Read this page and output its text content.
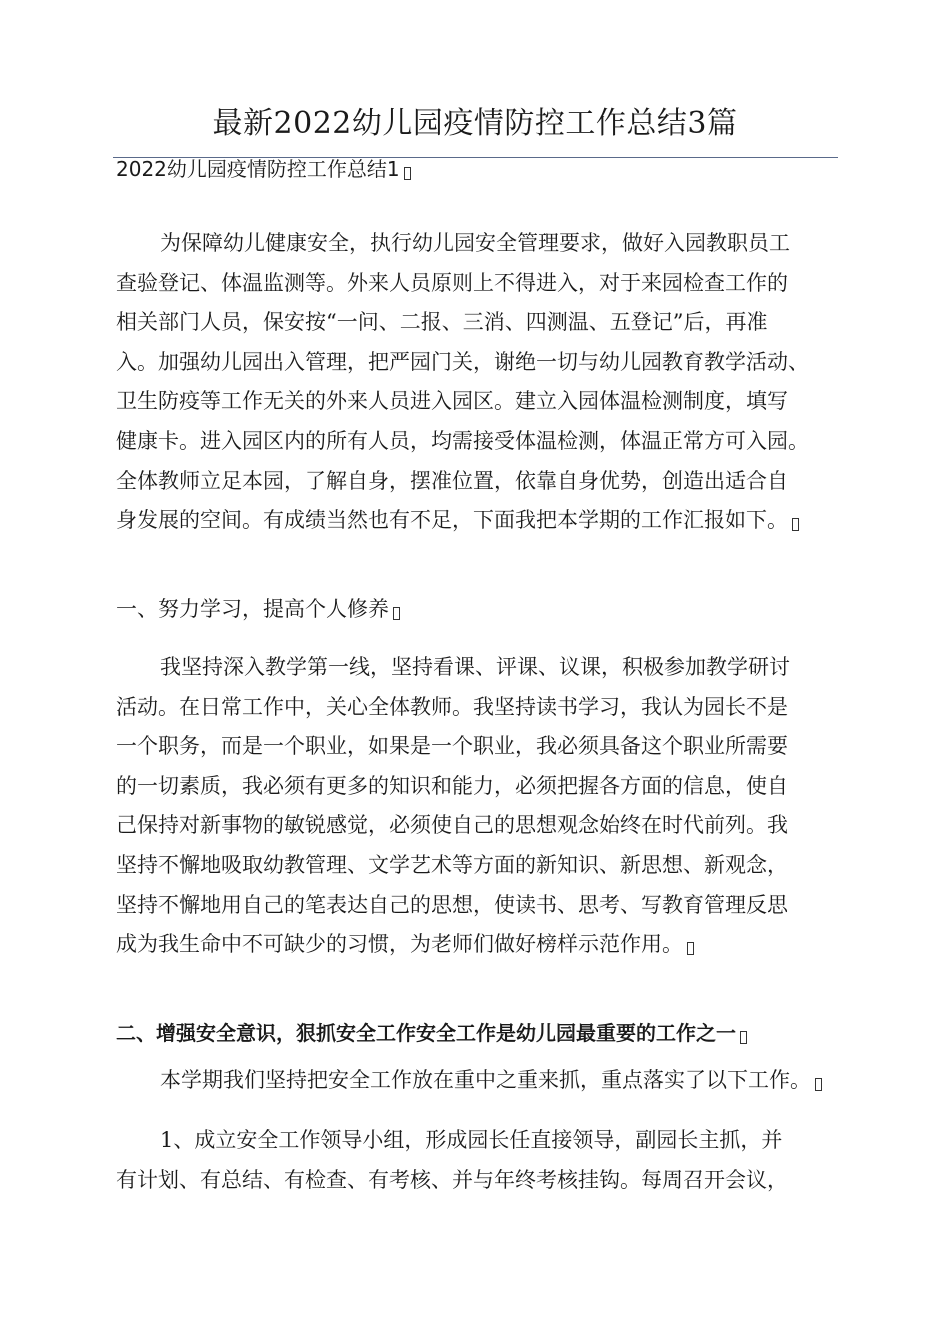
最新2022幼儿园疫情防控工作总结3篇
2022幼儿园疫情防控工作总结1
为保障幼儿健康安全，执行幼儿园安全管理要求，做好入园教职员工
查验登记、体温监测等。外来人员原则上不得进入，对于来园检查工作的
相关部门人员，保安按“一问、二报、三消、四测温、五登记”后，再准
入。加强幼儿园出入管理，把严园门关，谢绝一切与幼儿园教育教学活动、
卫生防疫等工作无关的外来人员进入园区。建立入园体温检测制度，填写
健康卡。进入园区内的所有人员，均需接受体温检测，体温正常方可入园。
全体教师立足本园，了解自身，摆准位置，依靠自身优势，创造出适合自
身发展的空间。有成绩当然也有不足，下面我把本学期的工作汇报如下。
一、努力学习，提高个人修养
我坚持深入教学第一线，坚持看课、评课、议课，积极参加教学研讨
活动。在日常工作中，关心全体教师。我坚持读书学习，我认为园长不是
一个职务，而是一个职业，如果是一个职业，我必须具备这个职业所需要
的一切素质，我必须有更多的知识和能力，必须把握各方面的信息，使自
己保持对新事物的敏锐感觉，必须使自己的思想观念始终在时代前列。我
坚持不懈地吸取幼教管理、文学艺术等方面的新知识、新思想、新观念，
坚持不懈地用自己的笔表达自己的思想，使读书、思考、写教育管理反思
成为我生命中不可缺少的习惯，为老师们做好榜样示范作用。
二、增强安全意识，狠抓安全工作安全工作是幼儿园最重要的工作之一
本学期我们坚持把安全工作放在重中之重来抓，重点落实了以下工作。
1、成立安全工作领导小组，形成园长任直接领导，副园长主抓，并
有计划、有总结、有检查、有考核、并与年终考核挂钩。每周召开会议，
